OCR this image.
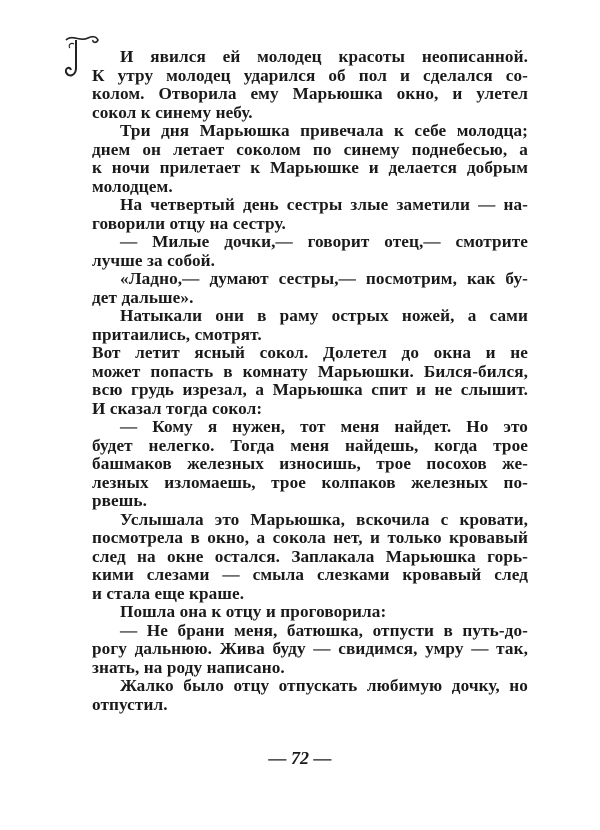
И явился ей молодец красоты неописанной.
К утру молодец ударился об пол и сделался со-
колом. Отворила ему Марьюшка окно, и улетел
сокол к синему небу.
Три дня Марьюшка привечала к себе молодца;
днем он летает соколом по синему поднебесью, а
к ночи прилетает к Марьюшке и делается добрым
молодцем.
На четвертый день сестры злые заметили — на-
говорили отцу на сестру.
— Милые дочки,— говорит отец,— смотрите
лучше за собой.
«Ладно,— думают сестры,— посмотрим, как бу-
дет дальше».
Натыкали они в раму острых ножей, а сами
притаились, смотрят.
Вот летит ясный сокол. Долетел до окна и не
может попасть в комнату Марьюшки. Бился-бился,
всю грудь изрезал, а Марьюшка спит и не слышит.
И сказал тогда сокол:
— Кому я нужен, тот меня найдет. Но это
будет нелегко. Тогда меня найдешь, когда трое
башмаков железных износишь, трое посохов же-
лезных изломаешь, трое колпаков железных по-
рвешь.
Услышала это Марьюшка, вскочила с кровати,
посмотрела в окно, а сокола нет, и только кровавый
след на окне остался. Заплакала Марьюшка горь-
кими слезами — смыла слезками кровавый след
и стала еще краше.
Пошла она к отцу и проговорила:
— Не брани меня, батюшка, отпусти в путь-до-
рогу дальнюю. Жива буду — свидимся, умру — так,
знать, на роду написано.
Жалко было отцу отпускать любимую дочку, но
отпустил.
— 72 —
